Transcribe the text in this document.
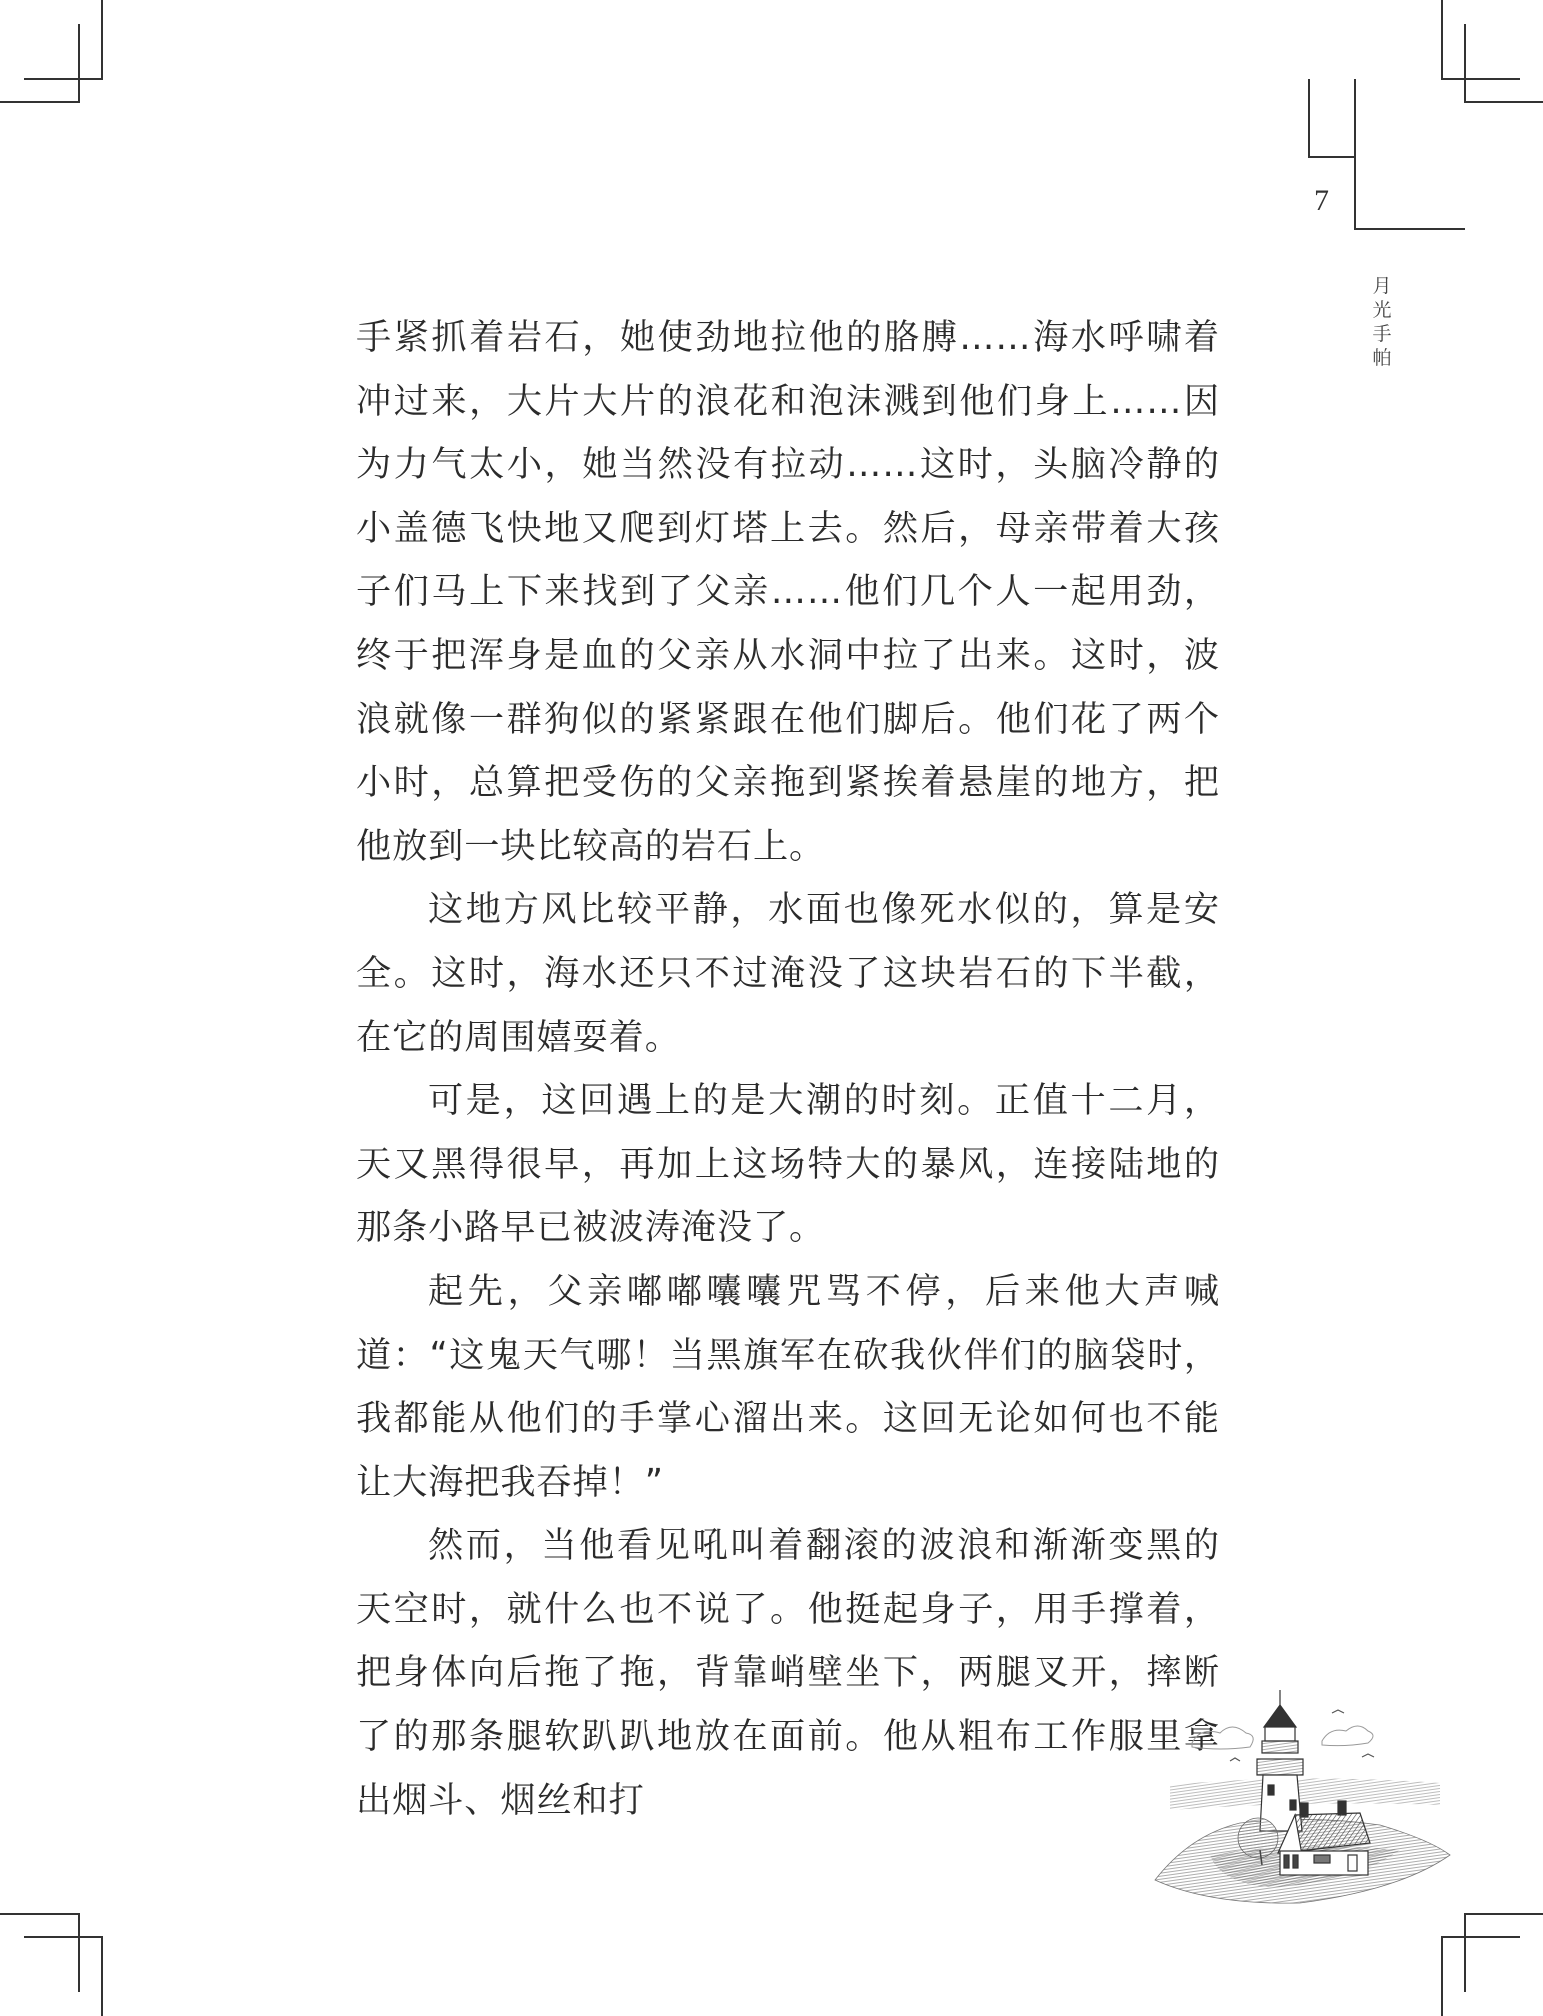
7
月
光
手
帕

手紧抓着岩石，她使劲地拉他的胳膊……海水呼啸着冲过来，大片大片的浪花和泡沫溅到他们身上……因为力气太小，她当然没有拉动……这时，头脑冷静的小盖德飞快地又爬到灯塔上去。然后，母亲带着大孩子们马上下来找到了父亲……他们几个人一起用劲，终于把浑身是血的父亲从水洞中拉了出来。这时，波浪就像一群狗似的紧紧跟在他们脚后。他们花了两个小时，总算把受伤的父亲拖到紧挨着悬崖的地方，把他放到一块比较高的岩石上。

这地方风比较平静，水面也像死水似的，算是安全。这时，海水还只不过淹没了这块岩石的下半截，在它的周围嬉耍着。

可是，这回遇上的是大潮的时刻。正值十二月，天又黑得很早，再加上这场特大的暴风，连接陆地的那条小路早已被波涛淹没了。

起先，父亲嘟嘟囔囔咒骂不停，后来他大声喊道：“这鬼天气哪！当黑旗军在砍我伙伴们的脑袋时，我都能从他们的手掌心溜出来。这回无论如何也不能让大海把我吞掉！”

然而，当他看见吼叫着翻滚的波浪和渐渐变黑的天空时，就什么也不说了。他挺起身子，用手撑着，把身体向后拖了拖，背靠峭壁坐下，两腿叉开，摔断了的那条腿软趴趴地放在面前。他从粗布工作服里拿出烟斗、烟丝和打
